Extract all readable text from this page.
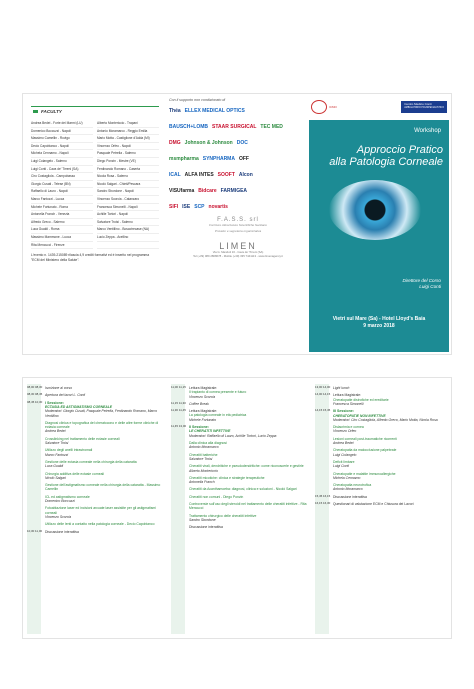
FACULTY
Andrea Bedei - Forte dei Marmi (LU)	Alberto Montericcio - Trapani
Domenico Boccuzzi - Napoli	Antonio Moramarco - Reggio Emilia
Massimo Camellin - Rovigo	Mario Motta - Castiglione d'Adda (MI)
Decio Capobianco - Napoli	Vincenzo Orfeo - Napoli
Michela Cennamo - Napoli	Pasquale Petrella - Salerno
Luigi Colangelo - Salerno	Diego Ponzin - Mestre (VE)
Luigi Conti - Cava de' Tirreni (SA)	Ferdinando Romano - Caserta
Ciro Costagliola - Campobasso	Nicola Rosa - Salerno
Giorgio Cusati - Telese (BN)	Nicolò Salgari - Chieti/Pescara
Raffaello di Lauro - Napoli	Sandro Sbordone - Napoli
Marco Fantozzi - Lucca	Vincenzo Scorcia - Catanzaro
Michele Fortunato - Roma	Francesca Simonelli - Napoli
Antonella Franch - Venezia	Achille Tortori - Napoli
Alfredo Greco - Salerno	Salvatore Troisi - Salerno
Luca Gualdi - Roma	Marco Ventillino - Boscotrecase (NA)
Massimo Mammone - Lucca	Lucio Zeppa - Avellino
Rita Mencucci - Firenze
L'evento n. 1439-215089 rilascia 4,9 crediti formativi ed è inserito nel programma "ECM del Ministero della Salute".
Con il supporto non condizionato di
Théa ELLEX MEDICAL OPTICS
BAUSCH+LOMB STAAR SURGICAL TEC MED
DMG Johnson & Johnson DOC
msmpharma SYNPHARMA OFF
ICAL ALFA INTES SOOFT Alcon
VISUfarma Bidcare FARMIGEA
SIFI ISE SCP novartis
F.A.S.S. srl
Forniture Attrezzature Scientifiche Sanitarie
Provider e segreteria organizzativa
LIMEN
Via G. Mandoli 16 - Cava de' Tirreni (SA)
Tel (+39) 089 2868678 - Mobile (+39) 335 7441113 - www.limenagency.it
ICMO
Centro Medico Conti
AMBULATORIO POLISPECIALISTICO
Workshop
Approccio Pratico
alla Patologia Corneale
Direttore del Corso
Luigi Conti
Vietri sul Mare (Sa) - Hotel Lloyd's Baia
9 marzo 2018
08,00 08,30 Iscrizione al corso
08,30 08,45 Apertura dei lavori L. Conti
08,45 10,30 I Sessione:
ECTASIA ED ASTIGMATISMO CORNEALE
Moderatori: Giorgio Cusati, Pasquale Petrella, Ferdinando Romano, Marco Ventillino
Diagnosi clinica e topografica del cheratocono e delle altre forme cliniche di ectasia corneale
Andrea Bedei
Crosslinking nel trattamento delle ectasie corneali
Salvatore Troisi
Utilizzo degli anelli intrastromali
Marco Fantozzi
Gestione delle ectasia corneale nella chirurgia della cataratta
Luca Gualdi
Chirurgia additiva delle ectasie corneali
Nicolò Salgari
Gestione dell'astigmatismo corneale nella chirurgia della cataratta - Massimo Camellin
ICL ed astigmatismo corneale
Domenico Boccuzzi
Fotoablazione laser ed incisioni arcuate laser assistite per gli astigmatismi corneali
Vincenzo Scorcia
Utilizzo delle lenti a contatto nella patologia corneale - Decio Capobianco
10,30 11,00 Discussione interattiva
11,00 11,15 Lettura Magistrale:
Il trapianto di cornea presente e futuro
Vincenzo Scorcia
11,15 11,30 Coffee Break
11,30 11,45 Lettura Magistrale:
La patologia corneale in età pediatrica
Michele Fortunato
11,45 13,00 II Sessione:
LE CHERATITI INFETTIVE
Moderatori: Raffaello di Lauro, Achille Tortori, Lucio Zeppa
Dalla clinica alla diagnosi
Antonio Moramarco
Cheratiti batteriche
Salvatore Troisi
Cheratiti virali, dendritiche e pseudodendritiche: come riconoscerle e gestirle
Alberto Montericcio
Cheratiti micotiche: clinica e strategie terapeutiche
Antonella Franch
Cheratiti da Acanthamoeba: diagnosi, clinica e soluzioni - Nicolò Salgari
Cheratiti non comuni - Diego Ponzin
Controversie sull'uso degli steroidi nel trattamento delle cheratiti infettive - Rita Mencucci
Trattamento chirurgico delle cheratiti infettive
Sandro Sbordone
Discussione interattiva
13,00 14,00 Light lunch
14,00 14,15 Lettura Magistrale:
Cheratopatie distrofiche ed ereditarie
Francesca Simonelli
14,15 15,45 III Sessione:
CHERATOPATIE NON INFETTIVE
Moderatori: Ciro Costagliola, Alfredo Greco, Mario Motta, Nicola Rosa
Dislacrimia e cornea
Vincenzo Orfeo
Lesioni corneali post-traumatiche ricorrenti
Andrea Bedei
Cheratopatia da malocclusione palpebrale
Luigi Colangelo
Deficit limbare
Luigi Conti
Cheratopatie e malattie immunoallergiche
Michela Cennamo
Cheratopatia neurotrofica
Antonio Moramarco
15,45 16,15 Discussione interattiva
16,15 16,30 Questionari di valutazione ECM e Chiusura dei Lavori
